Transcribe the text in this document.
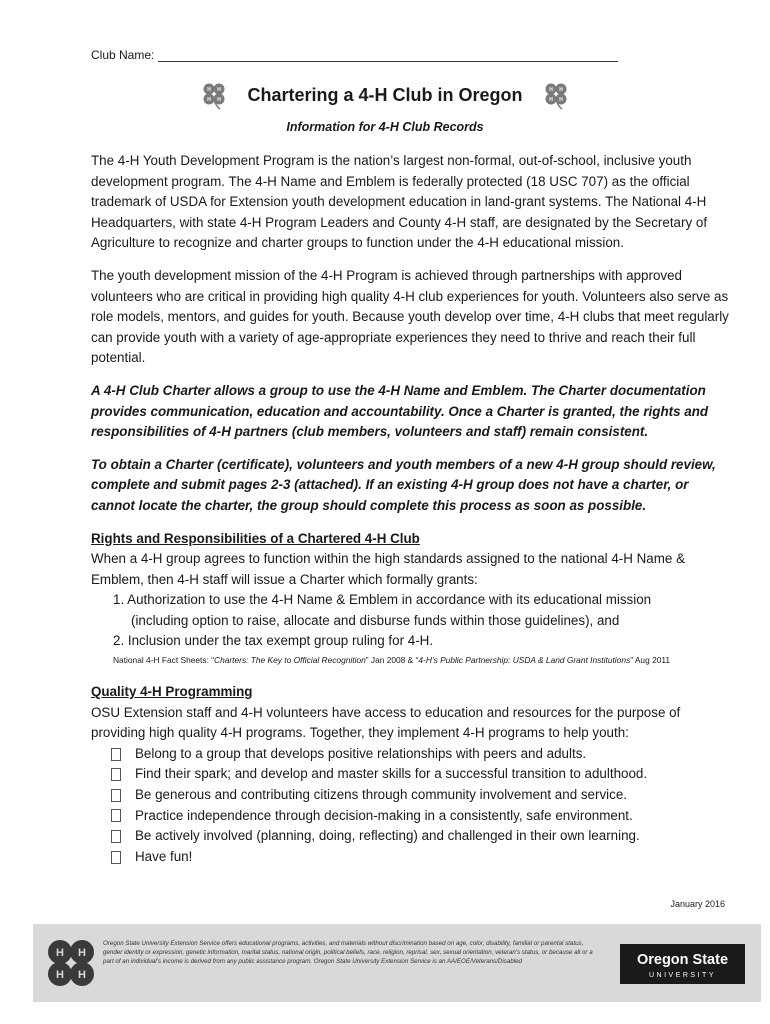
Club Name:
H H
H H Chartering a 4-H Club in Oregon	H H
H H
Information for 4-H Club Records

The 4-H Youth Development Program is the nation’s largest non-formal, out-of-school, inclusive youth development program. The 4-H Name and Emblem is federally protected (18 USC 707) as the official trademark of USDA for Extension youth development education in land-grant systems. The National 4-H Headquarters, with state 4-H Program Leaders and County 4-H staff, are designated by the Secretary of Agriculture to recognize and charter groups to function under the 4-H educational mission.

The youth development mission of the 4-H Program is achieved through partnerships with approved volunteers who are critical in providing high quality 4-H club experiences for youth. Volunteers also serve as role models, mentors, and guides for youth. Because youth develop over time, 4-H clubs that meet regularly can provide youth with a variety of age-appropriate experiences they need to thrive and reach their full potential.

A 4-H Club Charter allows a group to use the 4-H Name and Emblem. The Charter documentation provides communication, education and accountability. Once a Charter is granted, the rights and responsibilities of 4-H partners (club members, volunteers and staff) remain consistent.

To obtain a Charter (certificate), volunteers and youth members of a new 4-H group should review, complete and submit pages 2-3 (attached). If an existing 4-H group does not have a charter, or cannot locate the charter, the group should complete this process as soon as possible.

Rights and Responsibilities of a Chartered 4-H Club
When a 4-H group agrees to function within the high standards assigned to the national 4-H Name & Emblem, then 4-H staff will issue a Charter which formally grants:
1. Authorization to use the 4-H Name & Emblem in accordance with its educational mission
(including option to raise, allocate and disburse funds within those guidelines), and
2. Inclusion under the tax exempt group ruling for 4-H.
National 4-H Fact Sheets: “Charters: The Key to Official Recognition” Jan 2008 & “4-H’s Public Partnership: USDA & Land Grant Institutions” Aug 2011
Quality 4-H Programming
OSU Extension staff and 4-H volunteers have access to education and resources for the purpose of providing high quality 4-H programs. Together, they implement 4-H programs to help youth:
Belong to a group that develops positive relationships with peers and adults.
Find their spark; and develop and master skills for a successful transition to adulthood.
Be generous and contributing citizens through community involvement and service.
Practice independence through decision-making in a consistently, safe environment.
Be actively involved (planning, doing, reflecting) and challenged in their own learning.
Have fun!
January 2016
H H
H H
Oregon State University Extension Service offers educational programs, activities, and materials without discrimination based on age, color, disability, familial or parental status, gender identity or expression, genetic information, marital status, national origin, political beliefs, race, religion, reprisal, sex, sexual orientation, veteran’s status, or because all or a part of an individual’s income is derived from any public assistance program. Oregon State University Extension Service is an AA/EOE/Veterans/Disabled	Oregon State
UNIVERSITY
